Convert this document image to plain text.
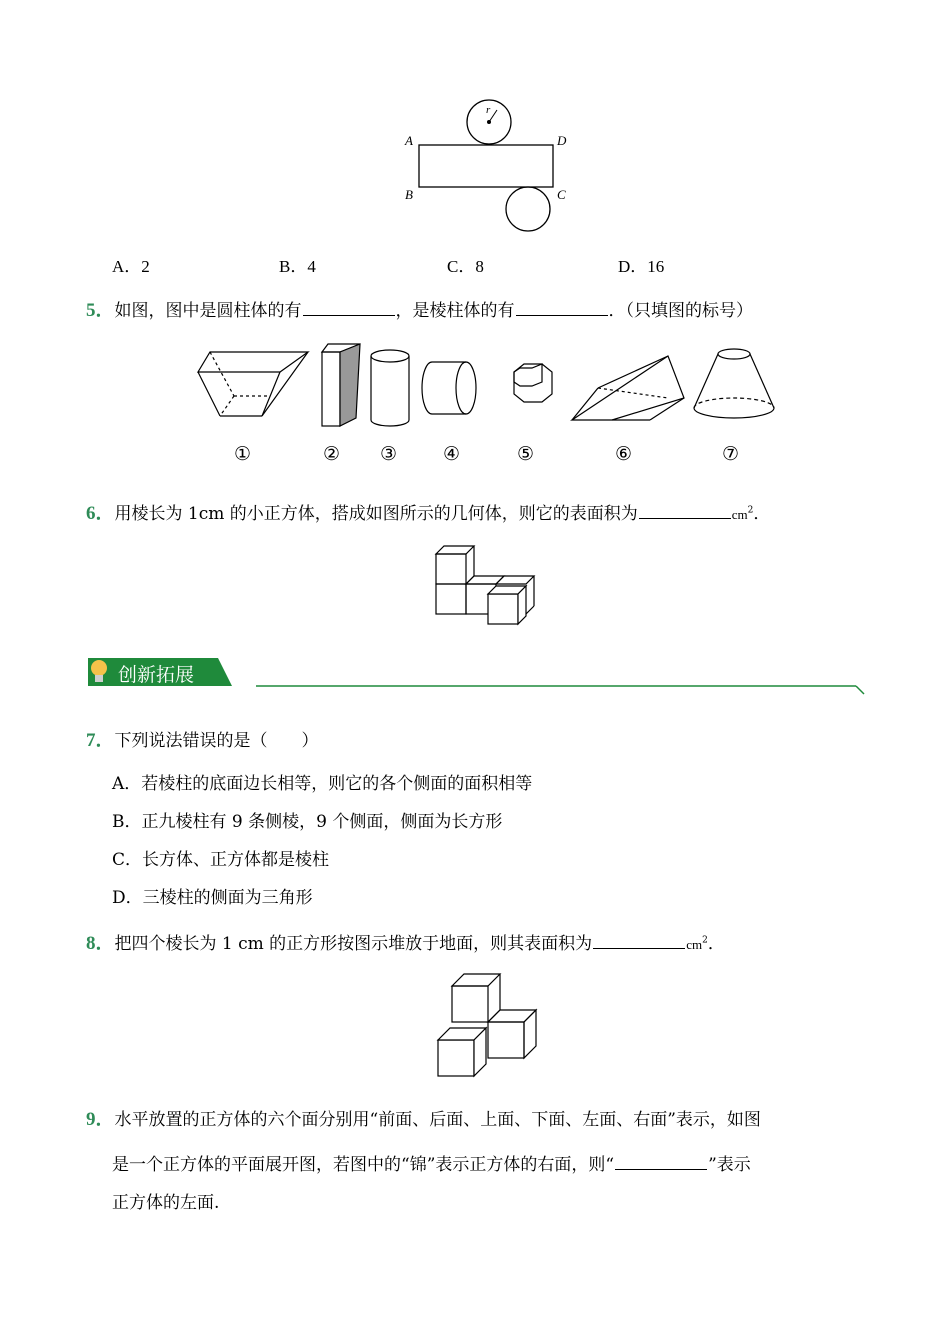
r
A	D
B	C
A．2	B．4	C．8	D．16
5．如图，图中是圆柱体的有	，是棱柱体的有	．（只填图的标号）
①	② ③ ④	⑤	⑥	⑦
6．用棱长为 1cm 的小正方体，搭成如图所示的几何体，则它的表面积为	$cm^2$．
创新拓展
7．下列说法错误的是（　　）
A．若棱柱的底面边长相等，则它的各个侧面的面积相等
B．正九棱柱有 9 条侧棱，9 个侧面，侧面为长方形
C．长方体、正方体都是棱柱
D．三棱柱的侧面为三角形
8．把四个棱长为 1 cm 的正方形按图示堆放于地面，则其表面积为	$cm^2$．
9．水平放置的正方体的六个面分别用“前面、后面、上面、下面、左面、右面”表示，如图
是一个正方体的平面展开图，若图中的“锦”表示正方体的右面，则“	”表示
正方体的左面.
